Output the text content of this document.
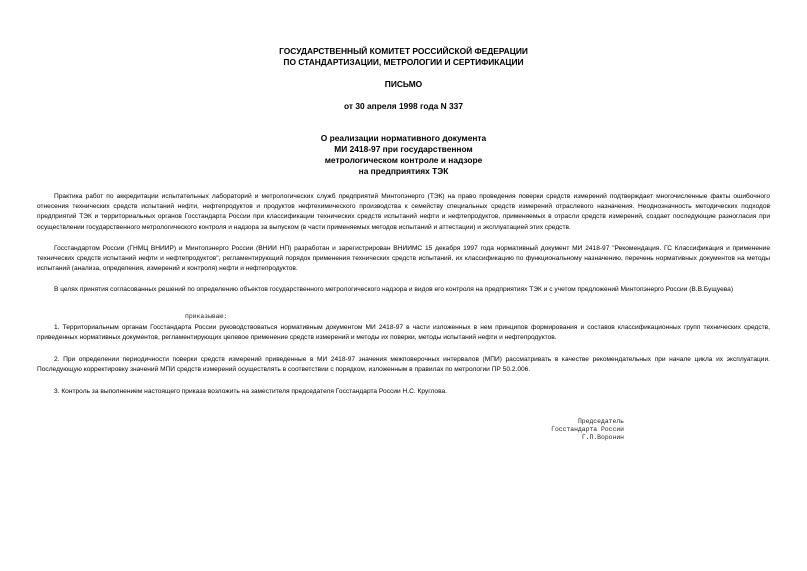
ГОСУДАРСТВЕННЫЙ КОМИТЕТ РОССИЙСКОЙ ФЕДЕРАЦИИ
ПО СТАНДАРТИЗАЦИИ, МЕТРОЛОГИИ И СЕРТИФИКАЦИИ
ПИСЬМО
от 30 апреля 1998 года N 337
О реализации нормативного документа
МИ 2418-97 при государственном
метрологическом контроле и надзоре
на предприятиях ТЭК
Практика работ по аккредитации испытательных лабораторий и метрологических служб предприятий Минтопэнерго (ТЭК) на право проведения поверки средств измерений подтверждает многочисленные факты ошибочного отнесения технических средств испытаний нефти, нефтепродуктов и продуктов нефтехимического производства к семейству специальных средств измерений отраслевого назначения. Неоднозначность методических подходов предприятий ТЭК и территориальных органов Госстандарта России при классификации технических средств испытаний нефти и нефтепродуктов, применяемых в отрасли средств измерений, создает последующие разногласия при осуществлении государственного метрологического контроля и надзора за выпуском (в части применяемых методов испытаний и аттестации) и эксплуатацией этих средств.
Госстандартом России (ГНМЦ ВНИИР) и Минтопэнерго России (ВНИИ НП) разработан и зарегистрирован ВНИИМС 15 декабря 1997 года нормативный документ МИ 2418-97 "Рекомендация. ГС Классификация и применение технических средств испытаний нефти и нефтепродуктов", регламентирующий порядок применения технических средств испытаний, их классификацию по функциональному назначению, перечень нормативных документов на методы испытаний (анализа, определения, измерений и контроля) нефти и нефтепродуктов.
В целях принятия согласованных решений по определению объектов государственного метрологического надзора и видов его контроля на предприятиях ТЭК и с учетом предложений Минтопэнерго России (В.В.Бущуева)
приказываю:
1. Территориальным органам Госстандарта России руководствоваться нормативным документом МИ 2418-97 в части изложенных в нем принципов формирования и составов классификационных групп технических средств, приведенных нормативных документов, регламентирующих целевое применение средств измерений и методы их поверки, методы испытаний нефти и нефтепродуктов.
2. При определении периодичности поверки средств измерений приведенные в МИ 2418-97 значения межповерочных интервалов (МПИ) рассматривать в качестве рекомендательных при начале цикла их эксплуатации. Последующую корректировку значений МПИ средств измерений осуществлять в соответствии с порядком, изложенным в правилах по метрологии ПР 50.2.006.
3. Контроль за выполнением настоящего приказа возложить на заместителя председателя Госстандарта России Н.С. Круглова.
Председатель
Госстандарта России
Г.П.Воронин
